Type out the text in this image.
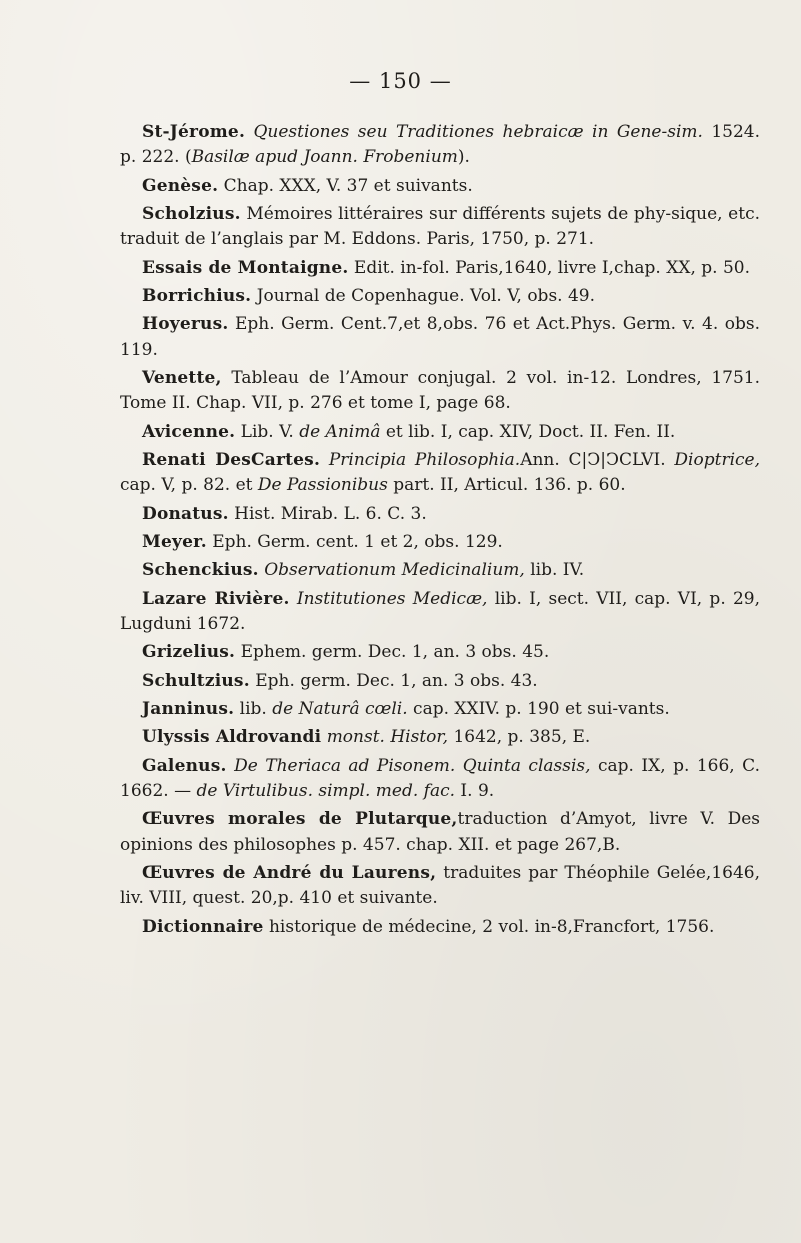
— 150 —

St-Jérome. Questiones seu Traditiones hebraicæ in Gene-sim. 1524. p. 222. (Basilæ apud Joann. Frobenium).

Genèse. Chap. XXX, V. 37 et suivants.

Scholzius. Mémoires littéraires sur différents sujets de phy-sique, etc. traduit de l’anglais par M. Eddons. Paris, 1750, p. 271.

Essais de Montaigne. Edit. in-fol. Paris,1640, livre I,chap. XX, p. 50.

Borrichius. Journal de Copenhague. Vol. V, obs. 49.

Hoyerus. Eph. Germ. Cent.7,et 8,obs. 76 et Act.Phys. Germ. v. 4. obs. 119.

Venette, Tableau de l’Amour conjugal. 2 vol. in-12. Londres, 1751. Tome II. Chap. VII, p. 276 et tome I, page 68.

Avicenne. Lib. V. de Animâ et lib. I, cap. XIV, Doct. II. Fen. II.

Renati DesCartes. Principia Philosophia.Ann. C|Ↄ|ↃCLVI. Dioptrice, cap. V, p. 82. et De Passionibus part. II, Articul. 136. p. 60.

Donatus. Hist. Mirab. L. 6. C. 3.

Meyer. Eph. Germ. cent. 1 et 2, obs. 129.

Schenckius. Observationum Medicinalium, lib. IV.

Lazare Rivière. Institutiones Medicæ, lib. I, sect. VII, cap. VI, p. 29, Lugduni 1672.

Grizelius. Ephem. germ. Dec. 1, an. 3 obs. 45.

Schultzius. Eph. germ. Dec. 1, an. 3 obs. 43.

Janninus. lib. de Naturâ cœli. cap. XXIV. p. 190 et sui-vants.

Ulyssis Aldrovandi monst. Histor, 1642, p. 385, E.

Galenus. De Theriaca ad Pisonem. Quinta classis, cap. IX, p. 166, C. 1662. — de Virtulibus. simpl. med. fac. I. 9.

Œuvres morales de Plutarque,traduction d’Amyot, livre V. Des opinions des philosophes p. 457. chap. XII. et page 267,B.

Œuvres de André du Laurens, traduites par Théophile Gelée,1646, liv. VIII, quest. 20,p. 410 et suivante.

Dictionnaire historique de médecine, 2 vol. in-8,Francfort, 1756.
